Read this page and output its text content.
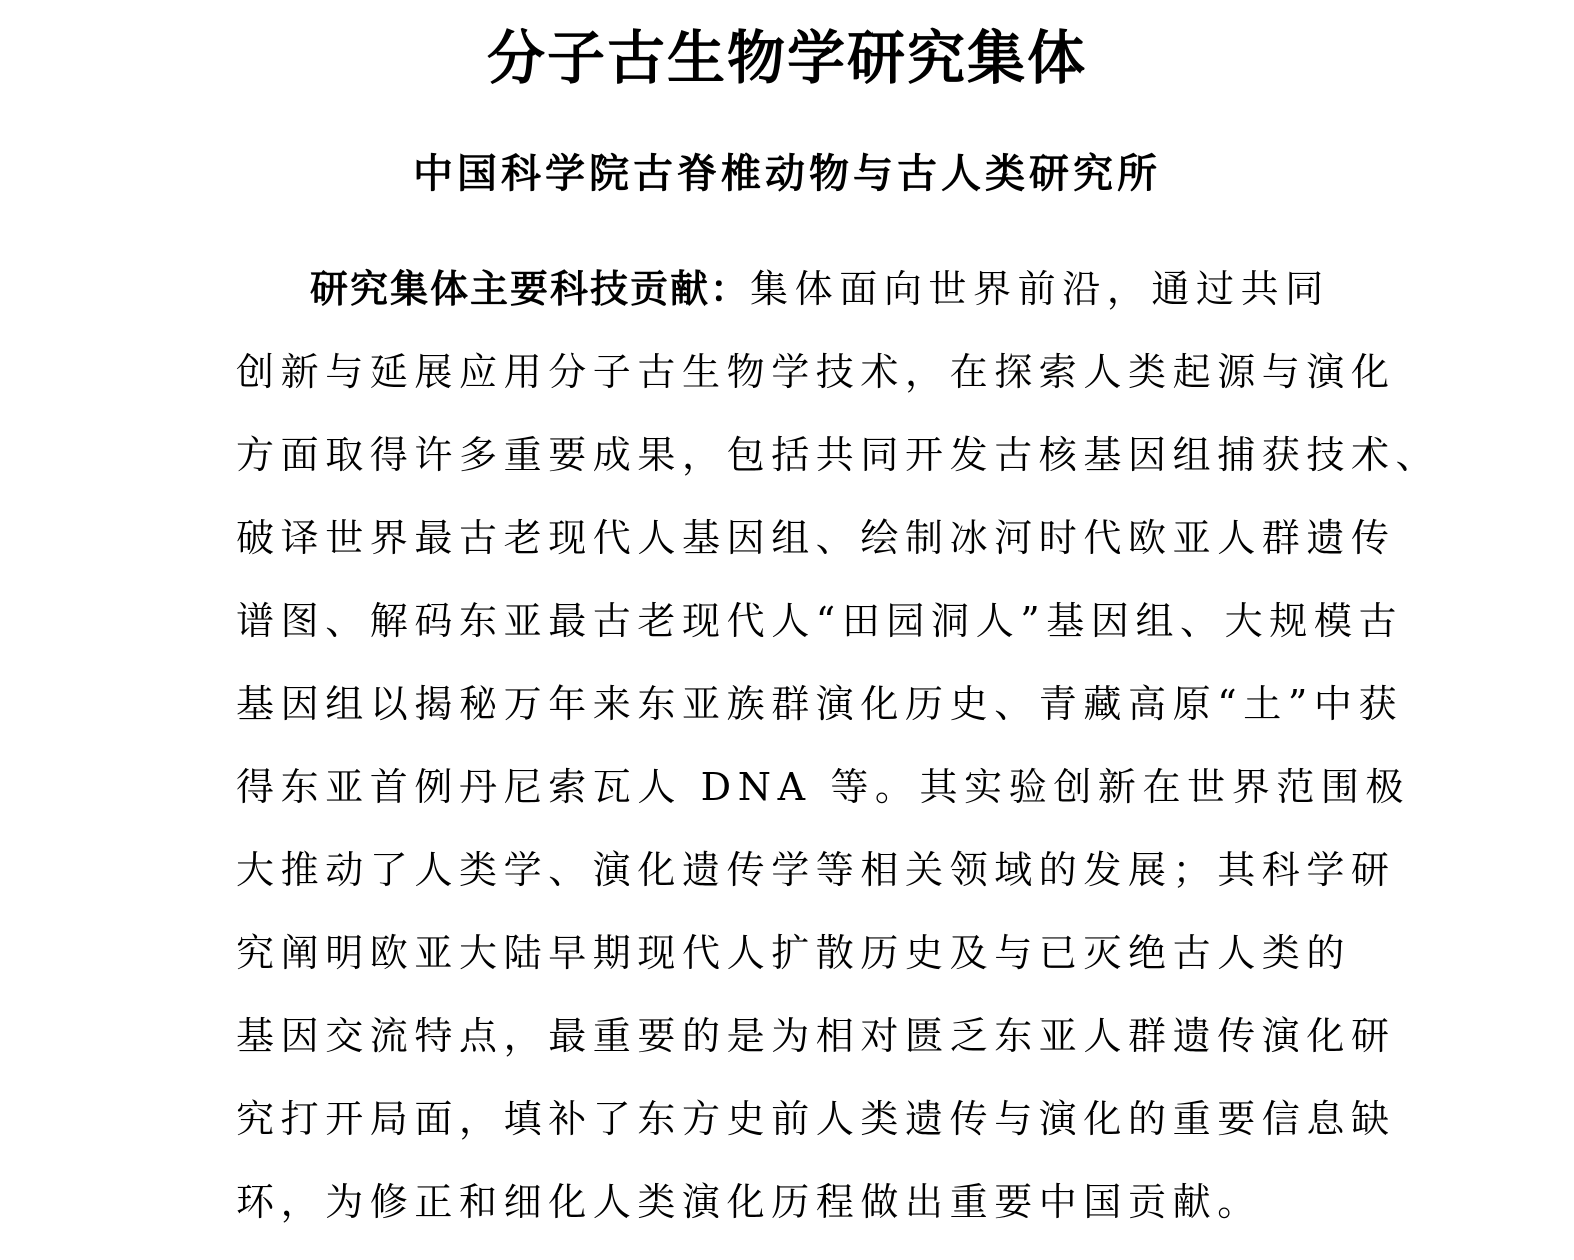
分子古生物学研究集体
中国科学院古脊椎动物与古人类研究所
研究集体主要科技贡献：集体面向世界前沿，通过共同
创新与延展应用分子古生物学技术，在探索人类起源与演化
方面取得许多重要成果，包括共同开发古核基因组捕获技术、
破译世界最古老现代人基因组、绘制冰河时代欧亚人群遗传
谱图、解码东亚最古老现代人“田园洞人”基因组、大规模古
基因组以揭秘万年来东亚族群演化历史、青藏高原“土”中获
得东亚首例丹尼索瓦人 DNA 等。其实验创新在世界范围极
大推动了人类学、演化遗传学等相关领域的发展；其科学研
究阐明欧亚大陆早期现代人扩散历史及与已灭绝古人类的
基因交流特点，最重要的是为相对匮乏东亚人群遗传演化研
究打开局面，填补了东方史前人类遗传与演化的重要信息缺
环，为修正和细化人类演化历程做出重要中国贡献。
